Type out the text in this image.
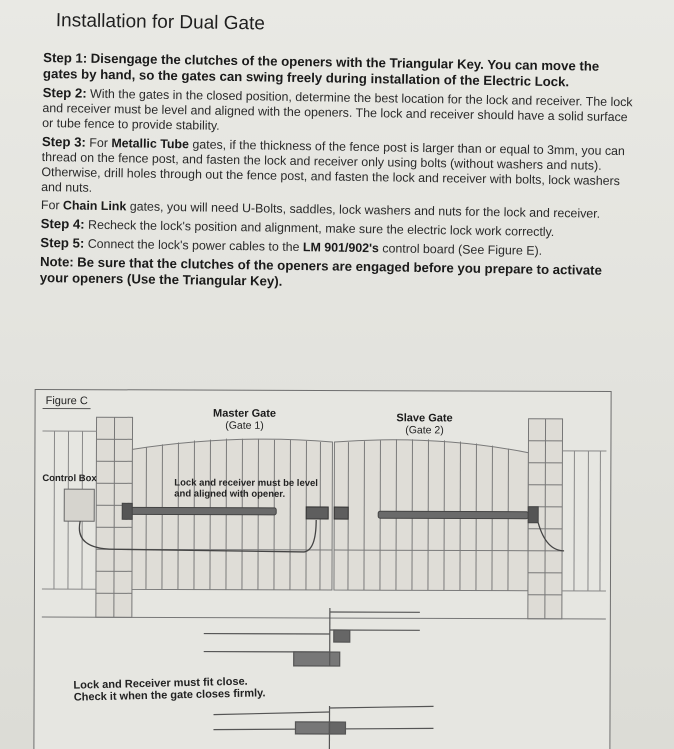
Installation for Dual Gate

Step 1: Disengage the clutches of the openers with the Triangular Key. You can move the gates by hand, so the gates can swing freely during installation of the Electric Lock.

Step 2: With the gates in the closed position, determine the best location for the lock and receiver. The lock and receiver must be level and aligned with the openers. The lock and receiver should have a solid surface or tube fence to provide stability.

Step 3: For Metallic Tube gates, if the thickness of the fence post is larger than or equal to 3mm, you can thread on the fence post, and fasten the lock and receiver only using bolts (without washers and nuts). Otherwise, drill holes through out the fence post, and fasten the lock and receiver with bolts, lock washers and nuts.

For Chain Link gates, you will need U-Bolts, saddles, lock washers and nuts for the lock and receiver.

Step 4: Recheck the lock's position and alignment, make sure the electric lock work correctly.

Step 5: Connect the lock's power cables to the LM 901/902's control board (See Figure E).

Note: Be sure that the clutches of the openers are engaged before you prepare to activate your openers (Use the Triangular Key).

Figure C
Master Gate
(Gate 1)
Slave Gate
(Gate 2)
Control Box	Lock and receiver must be level
and aligned with opener.
Lock and Receiver must fit close.
Check it when the gate closes firmly.
